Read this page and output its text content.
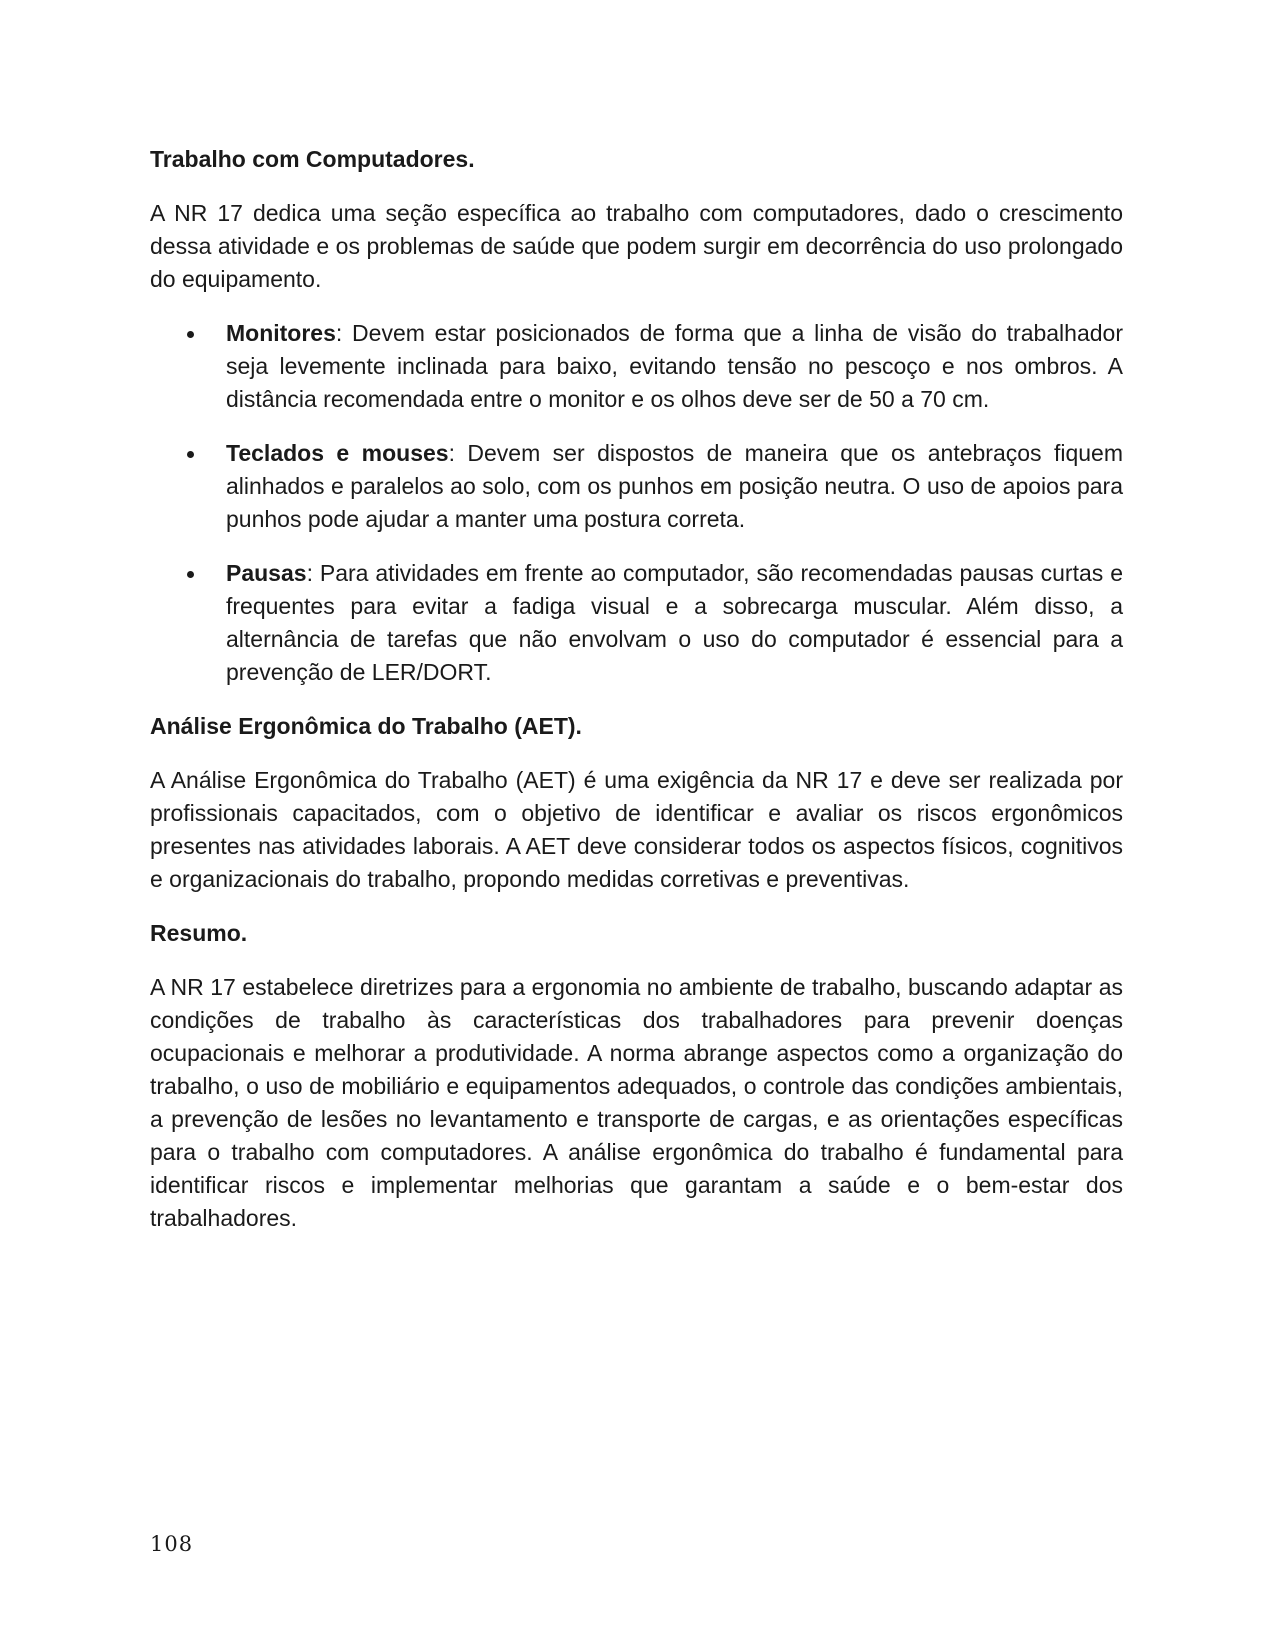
Trabalho com Computadores.

A NR 17 dedica uma seção específica ao trabalho com computadores, dado o crescimento dessa atividade e os problemas de saúde que podem surgir em decorrência do uso prolongado do equipamento.

Monitores: Devem estar posicionados de forma que a linha de visão do trabalhador seja levemente inclinada para baixo, evitando tensão no pescoço e nos ombros. A distância recomendada entre o monitor e os olhos deve ser de 50 a 70 cm.
Teclados e mouses: Devem ser dispostos de maneira que os antebraços fiquem alinhados e paralelos ao solo, com os punhos em posição neutra. O uso de apoios para punhos pode ajudar a manter uma postura correta.
Pausas: Para atividades em frente ao computador, são recomendadas pausas curtas e frequentes para evitar a fadiga visual e a sobrecarga muscular. Além disso, a alternância de tarefas que não envolvam o uso do computador é essencial para a prevenção de LER/DORT.
Análise Ergonômica do Trabalho (AET).

A Análise Ergonômica do Trabalho (AET) é uma exigência da NR 17 e deve ser realizada por profissionais capacitados, com o objetivo de identificar e avaliar os riscos ergonômicos presentes nas atividades laborais. A AET deve considerar todos os aspectos físicos, cognitivos e organizacionais do trabalho, propondo medidas corretivas e preventivas.

Resumo.

A NR 17 estabelece diretrizes para a ergonomia no ambiente de trabalho, buscando adaptar as condições de trabalho às características dos trabalhadores para prevenir doenças ocupacionais e melhorar a produtividade. A norma abrange aspectos como a organização do trabalho, o uso de mobiliário e equipamentos adequados, o controle das condições ambientais, a prevenção de lesões no levantamento e transporte de cargas, e as orientações específicas para o trabalho com computadores. A análise ergonômica do trabalho é fundamental para identificar riscos e implementar melhorias que garantam a saúde e o bem-estar dos trabalhadores.

108
